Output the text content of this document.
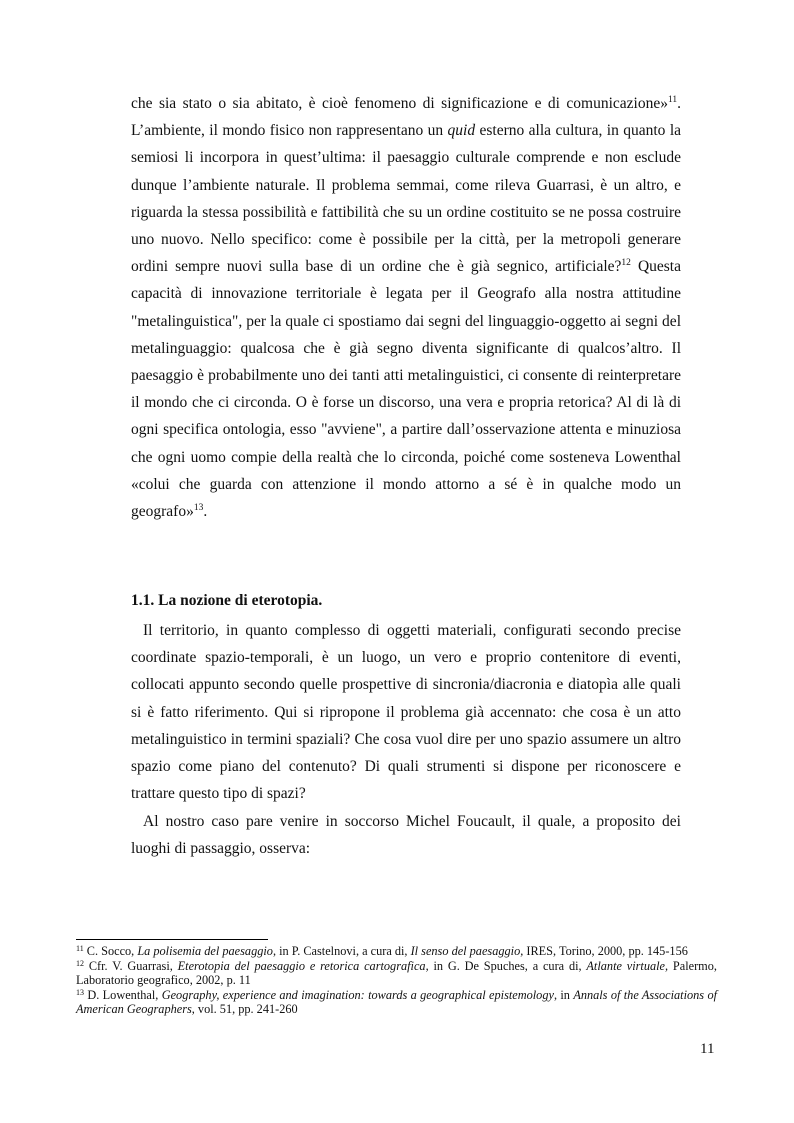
che sia stato o sia abitato, è cioè fenomeno di significazione e di comunicazione»$^{11}$. L’ambiente, il mondo fisico non rappresentano un quid esterno alla cultura, in quanto la semiosi li incorpora in quest’ultima: il paesaggio culturale comprende e non esclude dunque l’ambiente naturale. Il problema semmai, come rileva Guarrasi, è un altro, e riguarda la stessa possibilità e fattibilità che su un ordine costituito se ne possa costruire uno nuovo. Nello specifico: come è possibile per la città, per la metropoli generare ordini sempre nuovi sulla base di un ordine che è già segnico, artificiale?$^{12}$ Questa capacità di innovazione territoriale è legata per il Geografo alla nostra attitudine "metalinguistica", per la quale ci spostiamo dai segni del linguaggio-oggetto ai segni del metalinguaggio: qualcosa che è già segno diventa significante di qualcos’altro. Il paesaggio è probabilmente uno dei tanti atti metalinguistici, ci consente di reinterpretare il mondo che ci circonda. O è forse un discorso, una vera e propria retorica? Al di là di ogni specifica ontologia, esso "avviene", a partire dall’osservazione attenta e minuziosa che ogni uomo compie della realtà che lo circonda, poiché come sosteneva Lowenthal «colui che guarda con attenzione il mondo attorno a sé è in qualche modo un geografo»$^{13}$.
1.1. La nozione di eterotopia.
Il territorio, in quanto complesso di oggetti materiali, configurati secondo precise coordinate spazio-temporali, è un luogo, un vero e proprio contenitore di eventi, collocati appunto secondo quelle prospettive di sincronia/diacronia e diatopìa alle quali si è fatto riferimento. Qui si ripropone il problema già accennato: che cosa è un atto metalinguistico in termini spaziali? Che cosa vuol dire per uno spazio assumere un altro spazio come piano del contenuto? Di quali strumenti si dispone per riconoscere e trattare questo tipo di spazi?
Al nostro caso pare venire in soccorso Michel Foucault, il quale, a proposito dei luoghi di passaggio, osserva:

$^{11}$ C. Socco, La polisemia del paesaggio, in P. Castelnovi, a cura di, Il senso del paesaggio, IRES, Torino, 2000, pp. 145-156

$^{12}$ Cfr. V. Guarrasi, Eterotopia del paesaggio e retorica cartografica, in G. De Spuches, a cura di, Atlante virtuale, Palermo, Laboratorio geografico, 2002, p. 11

$^{13}$ D. Lowenthal, Geography, experience and imagination: towards a geographical epistemology, in Annals of the Associations of American Geographers, vol. 51, pp. 241-260

11
